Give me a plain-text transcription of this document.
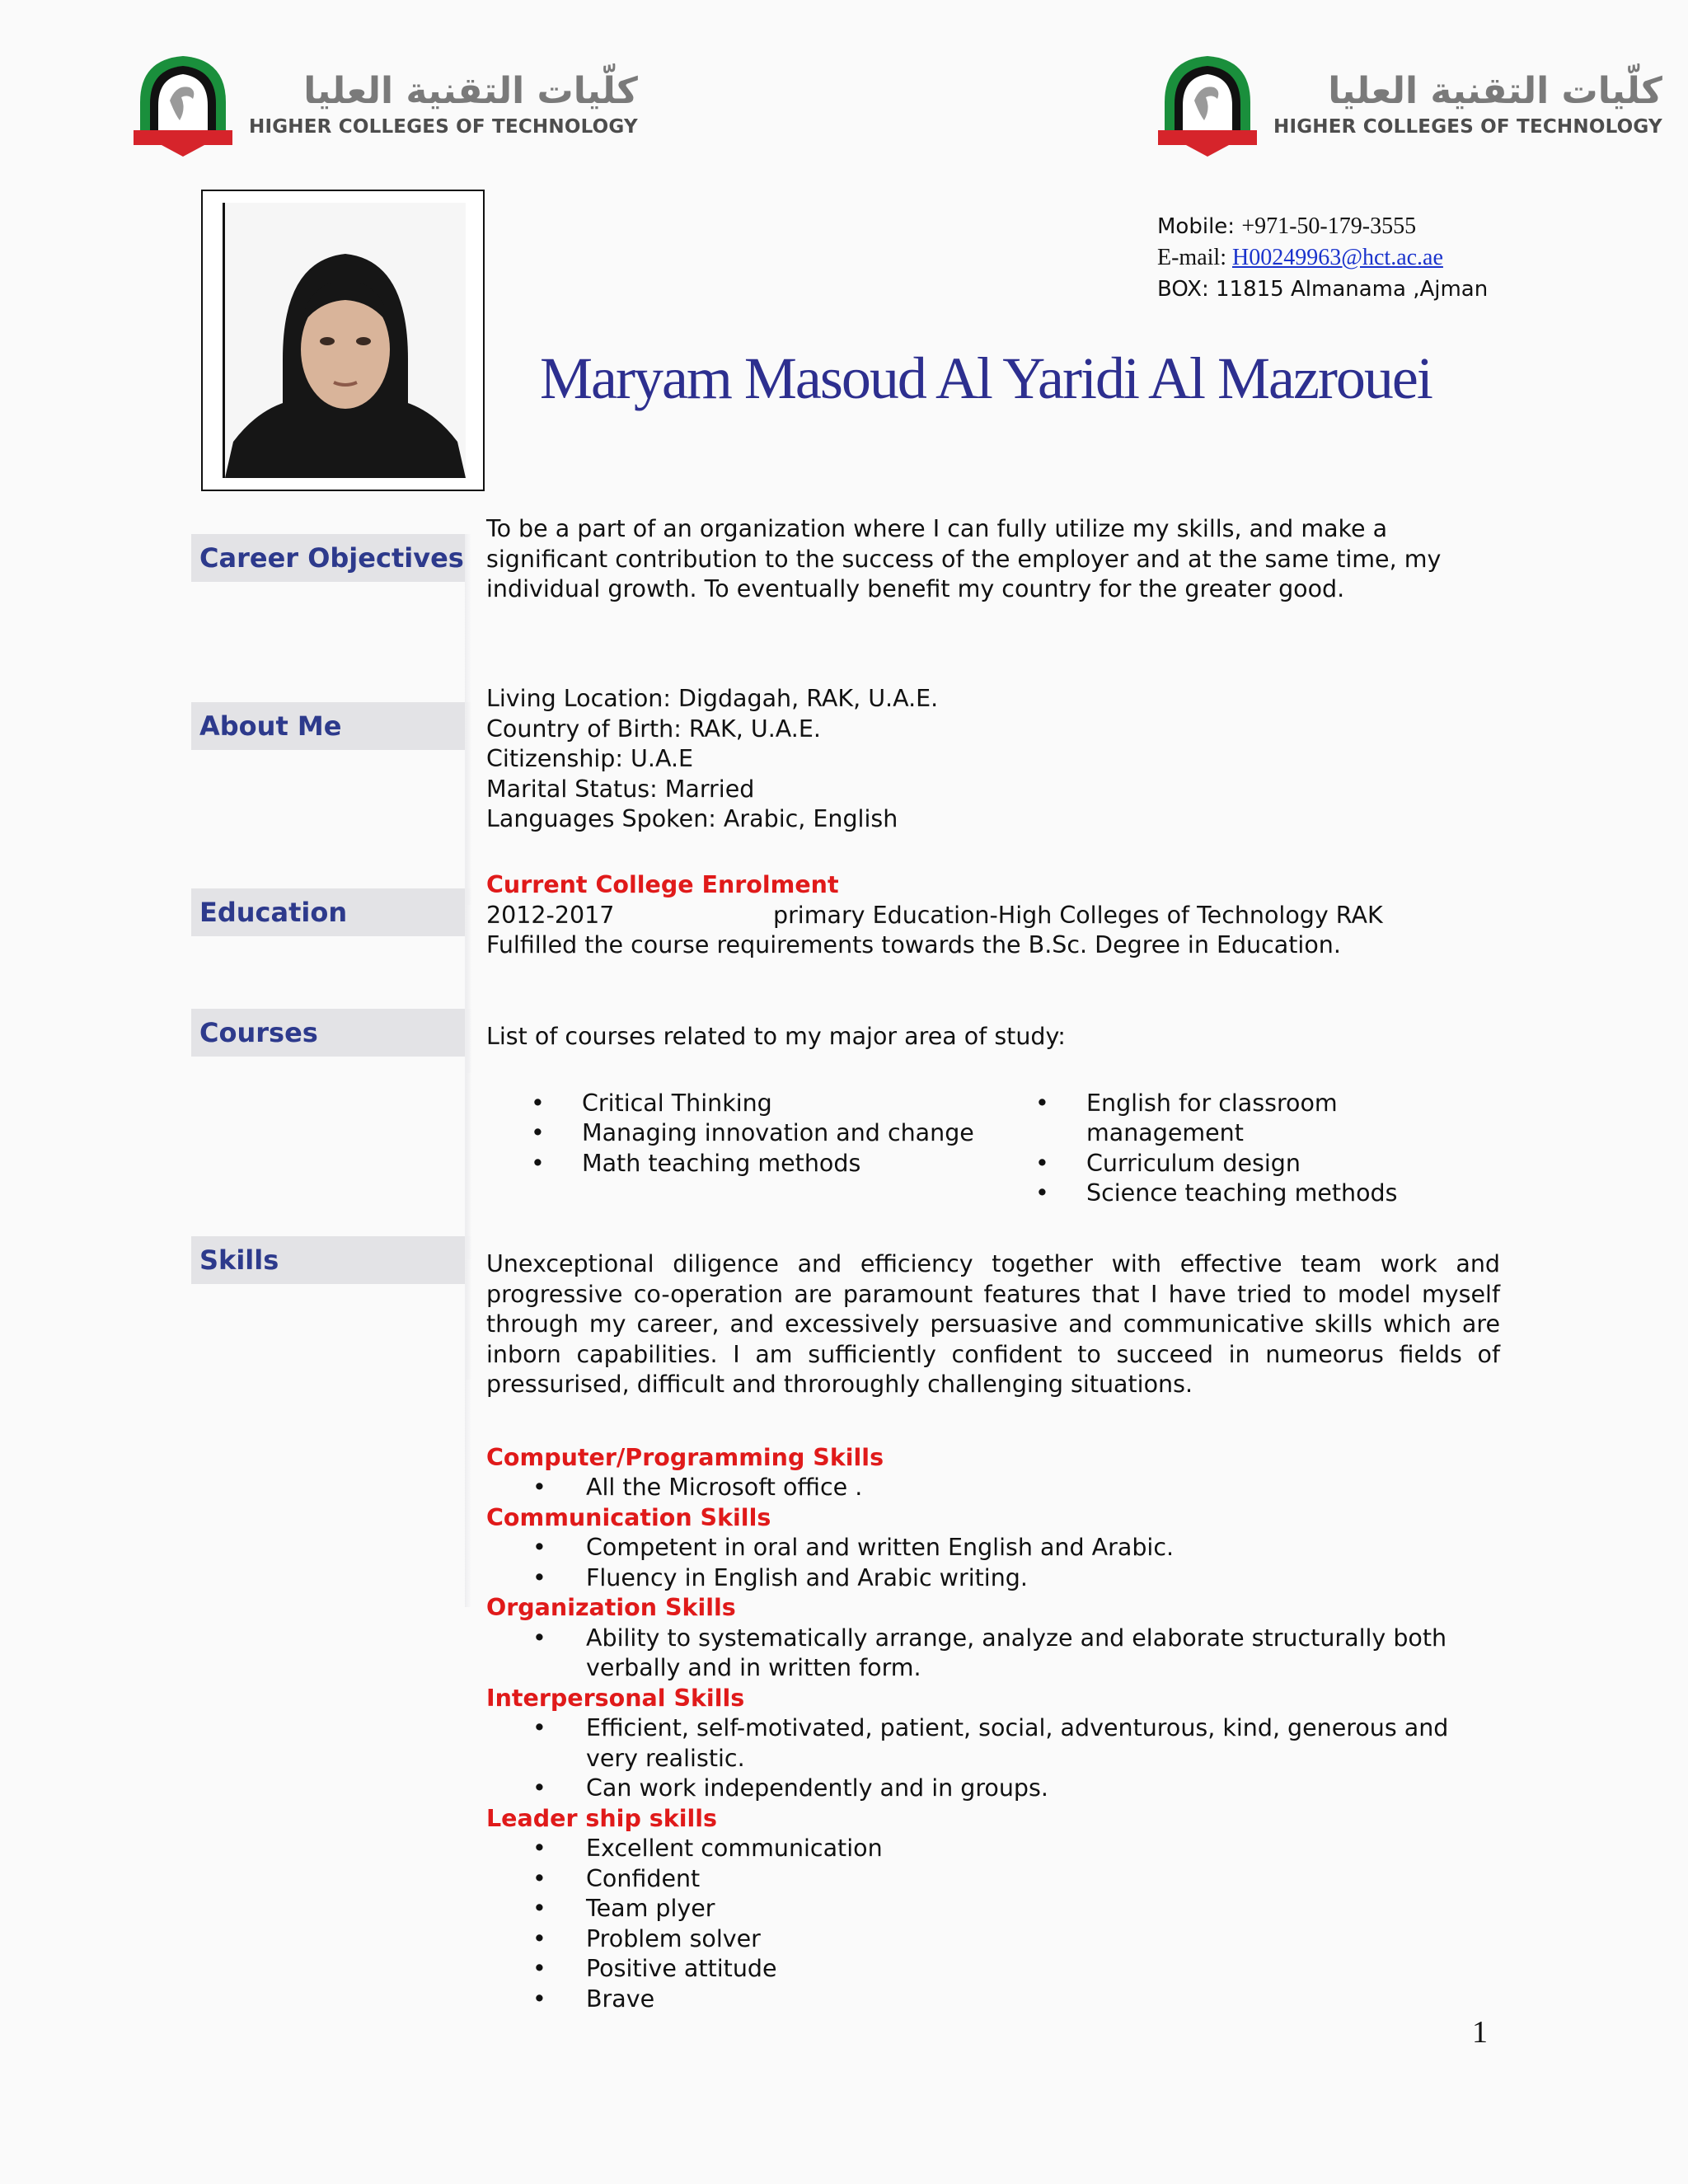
كلّيات التقنية العليا
HIGHER COLLEGES OF TECHNOLOGY
كلّيات التقنية العليا
HIGHER COLLEGES OF TECHNOLOGY
Mobile: +971-50-179-3555
E-mail: H00249963@hct.ac.ae
BOX: 11815 Almanama ,Ajman
Maryam Masoud Al Yaridi Al Mazrouei
Career Objectives

To be a part of an organization where I can fully utilize my skills, and make a significant contribution to the success of the employer and at the same time, my individual growth. To eventually benefit my country for the greater good.

About Me

Living Location: Digdagah, RAK, U.A.E.

Country of Birth: RAK, U.A.E.

Citizenship: U.A.E

Marital Status: Married

Languages Spoken: Arabic, English

Education

Current College Enrolment

2012-2017	primary Education-High Colleges of Technology RAK

Fulfilled the course requirements towards the B.Sc. Degree in Education.

Courses	List of courses related to my major area of study:

• Critical Thinking
• Managing innovation and change
• Math teaching methods
• English for classroom management
• Curriculum design
• Science teaching methods
Skills	Unexceptional diligence and efficiency together with effective team work and progressive co-operation are paramount features that I have tried to model myself through my career, and excessively persuasive and communicative skills which are inborn capabilities. I am sufficiently confident to succeed in numeorus fields of pressurised, difficult and throroughly challenging situations.

Computer/Programming Skills

• All the Microsoft office .

Communication Skills

• Competent in oral and written English and Arabic.
• Fluency in English and Arabic writing.

Organization Skills

• Ability to systematically arrange, analyze and elaborate structurally both verbally and in written form.

Interpersonal Skills

• Efficient, self-motivated, patient, social, adventurous, kind, generous and very realistic.
• Can work independently and in groups.

Leader ship skills

• Excellent communication
• Confident
• Team plyer
• Problem solver
• Positive attitude
• Brave
1
